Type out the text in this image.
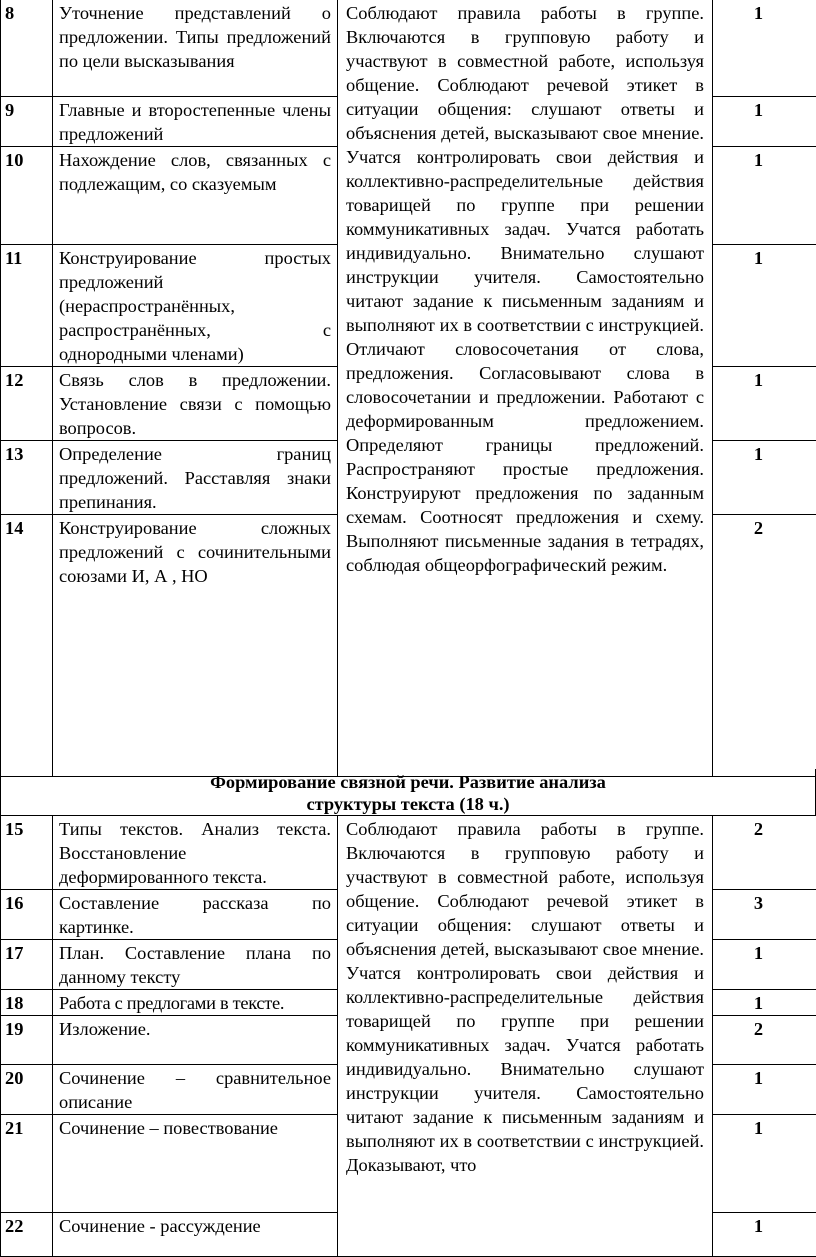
8	Уточнение представлений о предложении. Типы предложений по цели высказывания	Соблюдают правила работы в группе. Включаются в групповую работу и участвуют в совместной работе, используя общение. Соблюдают речевой этикет в ситуации общения: слушают ответы и объяснения детей, высказывают свое мнение. Учатся контролировать свои действия и коллективно-распределительные действия товарищей по группе при решении коммуникативных задач. Учатся работать индивидуально. Внимательно слушают инструкции учителя. Самостоятельно читают задание к письменным заданиям и выполняют их в соответствии с инструкцией. Отличают словосочетания от слова, предложения. Согласовывают слова в словосочетании и предложении. Работают с деформированным предложением. Определяют границы предложений. Распространяют простые предложения. Конструируют предложения по заданным схемам. Соотносят предложения и схему. Выполняют письменные задания в тетрадях, соблюдая общеорфографический режим.	1
9	Главные и второстепенные члены предложений		1
10	Нахождение слов, связанных с подлежащим, со сказуемым		1
11	Конструирование простых предложений (нераспространённых, распространённых, с однородными членами)		1
12	Связь слов в предложении. Установление связи с помощью вопросов.		1
13	Определение границ предложений. Расставляя знаки препинания.		1
14	Конструирование сложных предложений с сочинительными союзами И, А , НО		2
Формирование связной речи. Развитие анализа
структуры текста (18 ч.)
15	Типы текстов. Анализ текста. Восстановление деформированного текста.	Соблюдают правила работы в группе. Включаются в групповую работу и участвуют в совместной работе, используя общение. Соблюдают речевой этикет в ситуации общения: слушают ответы и объяснения детей, высказывают свое мнение. Учатся контролировать свои действия и коллективно-распределительные действия товарищей по группе при решении коммуникативных задач. Учатся работать индивидуально. Внимательно слушают инструкции учителя. Самостоятельно читают задание к письменным заданиям и выполняют их в соответствии с инструкцией. Доказывают, что	2
16	Составление рассказа по картинке.		3
17	План. Составление плана по данному тексту		1
18	Работа с предлогами в тексте.		1
19	Изложение.		2
20	Сочинение – сравнительное описание		1
21	Сочинение – повествование		1
22	Сочинение - рассуждение		1
